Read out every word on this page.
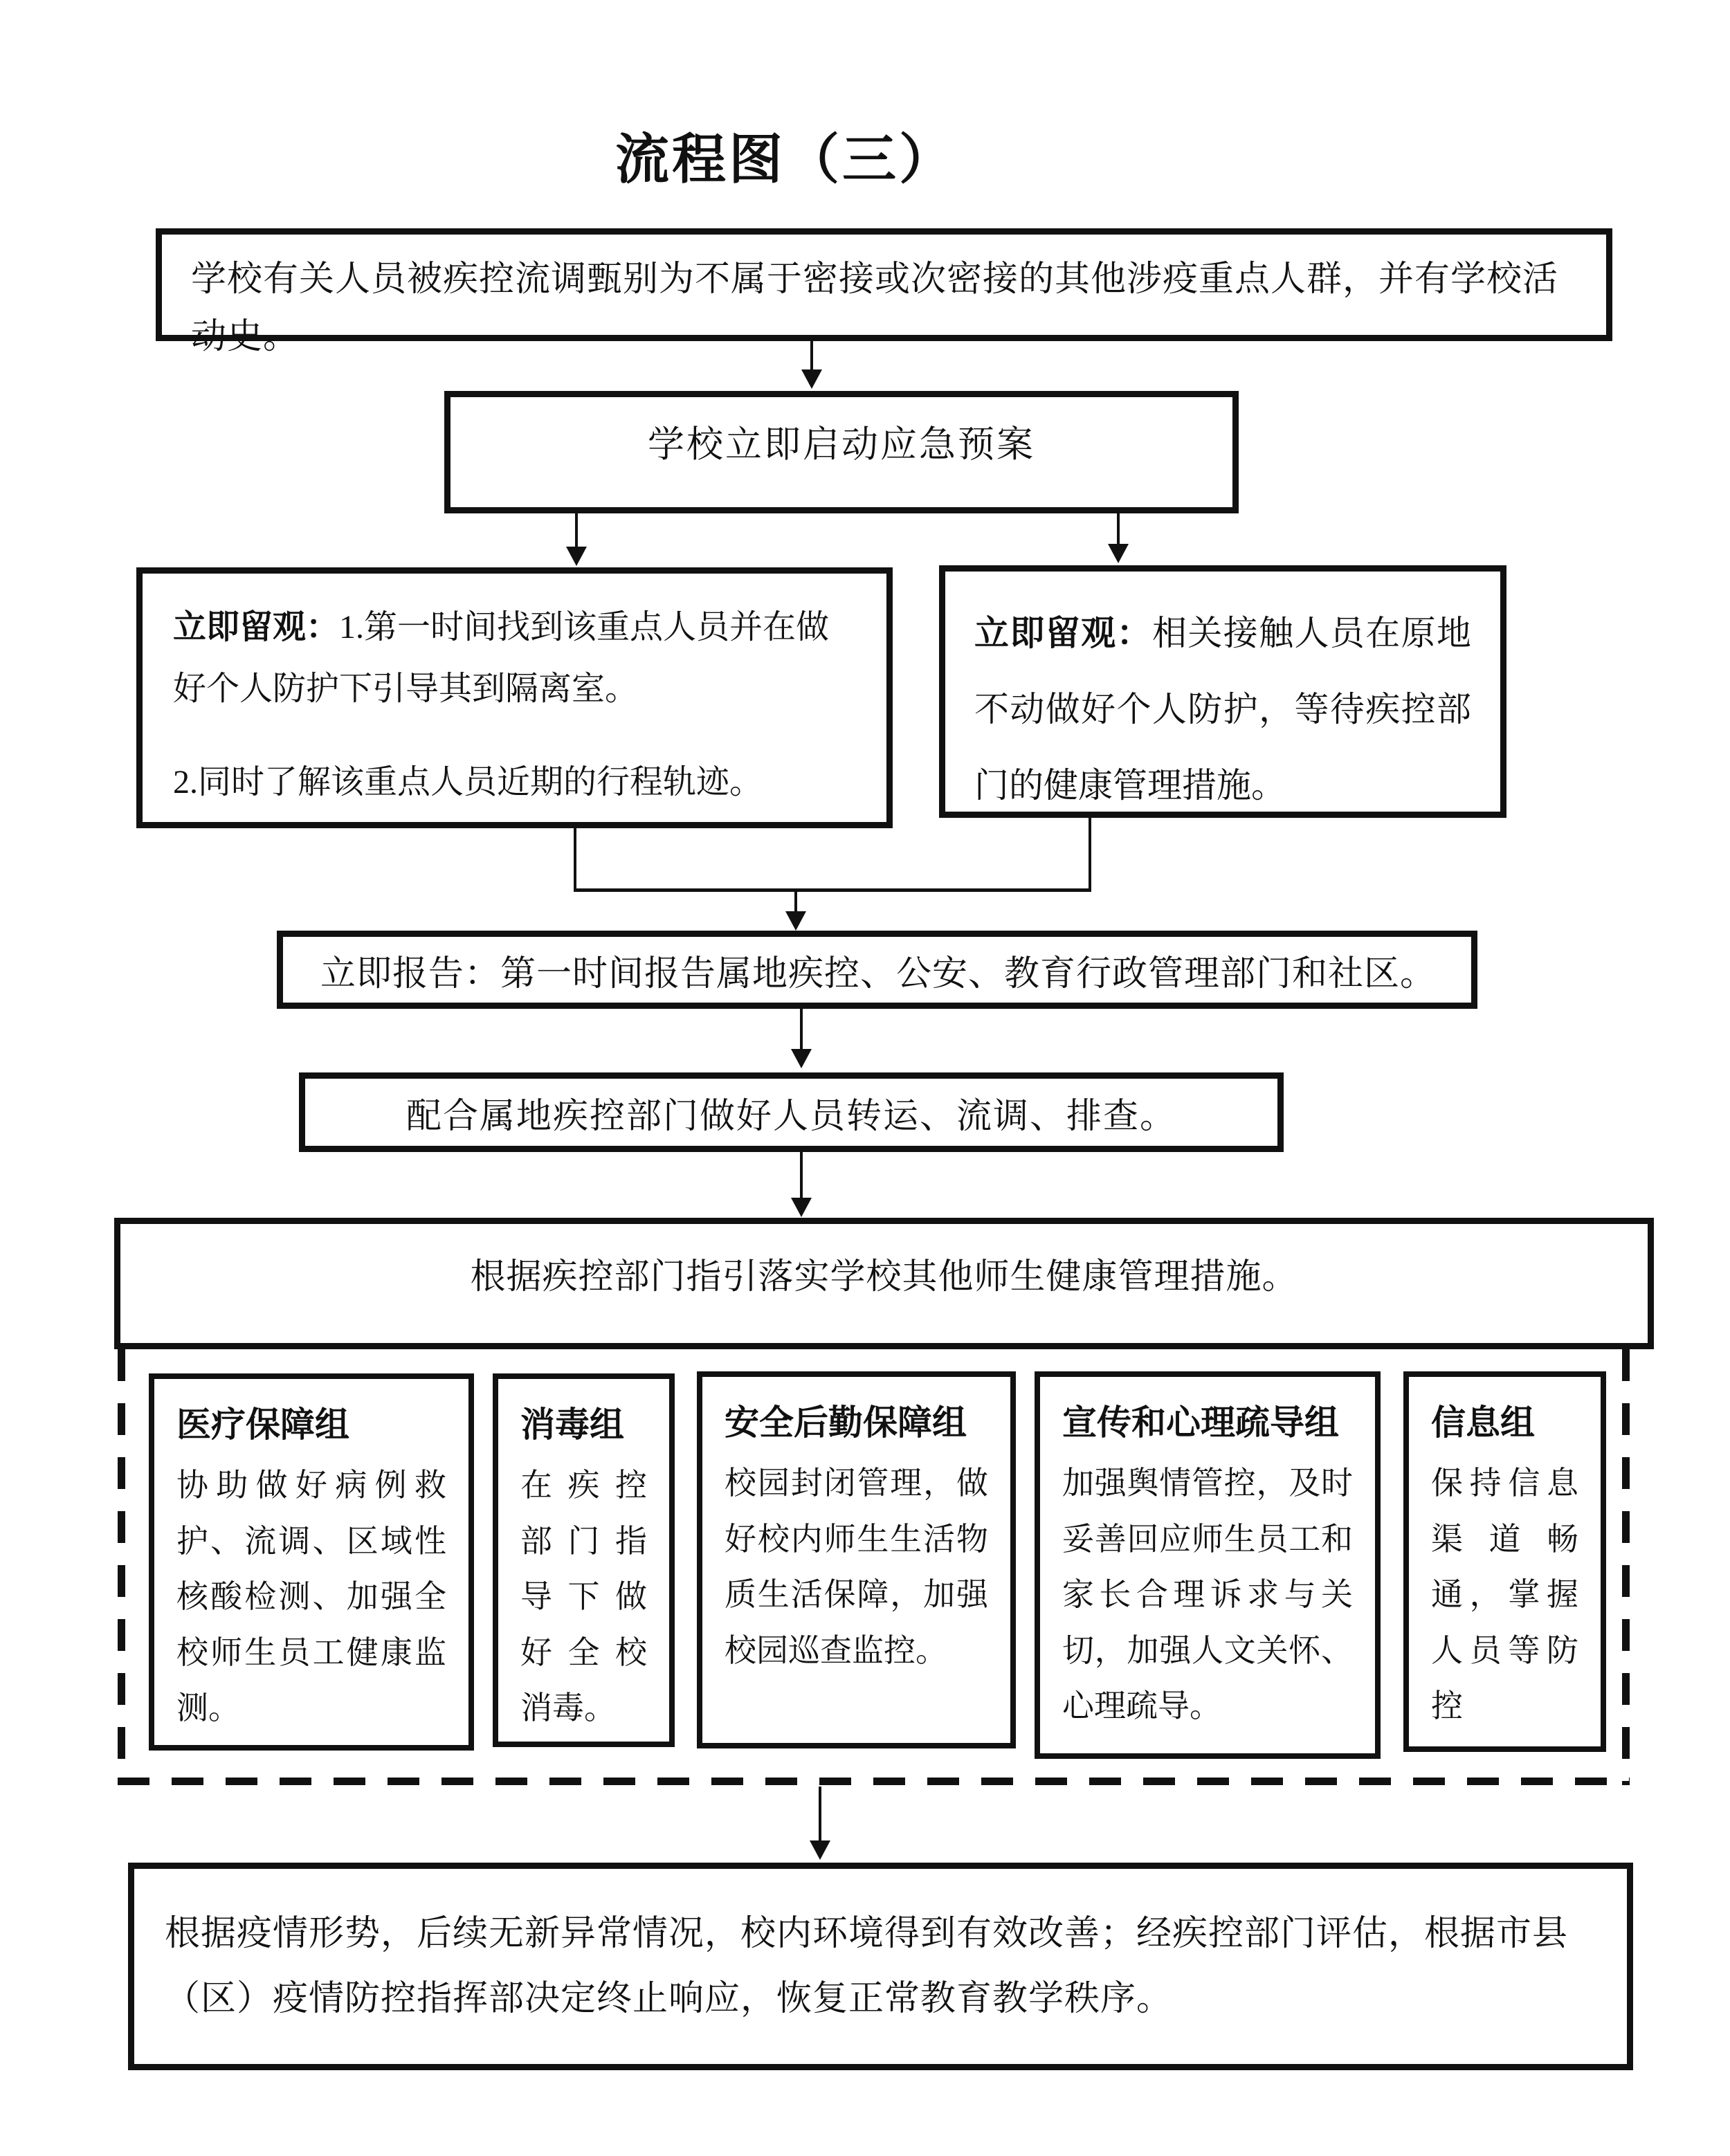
流程图（三）
学校有关人员被疾控流调甄别为不属于密接或次密接的其他涉疫重点人群，并有学校活动史。
学校立即启动应急预案

立即留观：1.第一时间找到该重点人员并在做好个人防护下引导其到隔离室。

2.同时了解该重点人员近期的行程轨迹。

立即留观：相关接触人员在原地不动做好个人防护，等待疾控部门的健康管理措施。
立即报告：第一时间报告属地疾控、公安、教育行政管理部门和社区。
配合属地疾控部门做好人员转运、流调、排查。
根据疾控部门指引落实学校其他师生健康管理措施。

医疗保障组

协助做好病例救护、流调、区域性核酸检测、加强全校师生员工健康监测。

消毒组

在疾控部门指导下做好全校消毒。

安全后勤保障组

校园封闭管理，做好校内师生生活物质生活保障，加强校园巡查监控。

宣传和心理疏导组

加强舆情管控，及时妥善回应师生员工和家长合理诉求与关切，加强人文关怀、心理疏导。

信息组

保持信息渠道畅通，掌握人员等防控

根据疫情形势，后续无新异常情况，校内环境得到有效改善；经疾控部门评估，根据市县（区）疫情防控指挥部决定终止响应，恢复正常教育教学秩序。
